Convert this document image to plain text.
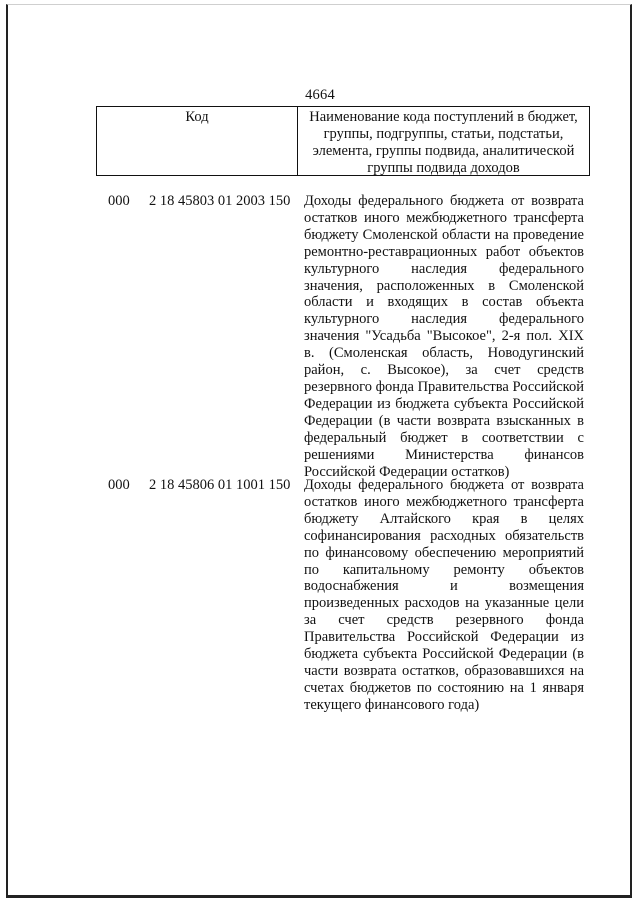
4664
Код	Наименование кода поступлений в бюджет, группы, подгруппы, статьи, подстатьи, элемента, группы подвида, аналитической группы подвида доходов
000 2 18 45803 01 2003 150 Доходы федерального бюджета от возврата остатков иного межбюджетного трансферта бюджету Смоленской области на проведение ремонтно-реставрационных работ объектов культурного наследия федерального значения, расположенных в Смоленской области и входящих в состав объекта культурного наследия федерального значения "Усадьба "Высокое", 2-я пол. XIX в. (Смоленская область, Новодугинский район, с. Высокое), за счет средств резервного фонда Правительства Российской Федерации из бюджета субъекта Российской Федерации (в части возврата взысканных в федеральный бюджет в соответствии с решениями Министерства финансов Российской Федерации остатков)
000 2 18 45806 01 1001 150 Доходы федерального бюджета от возврата остатков иного межбюджетного трансферта бюджету Алтайского края в целях софинансирования расходных обязательств по финансовому обеспечению мероприятий по капитальному ремонту объектов водоснабжения и возмещения произведенных расходов на указанные цели за счет средств резервного фонда Правительства Российской Федерации из бюджета субъекта Российской Федерации (в части возврата остатков, образовавшихся на счетах бюджетов по состоянию на 1 января текущего финансового года)
